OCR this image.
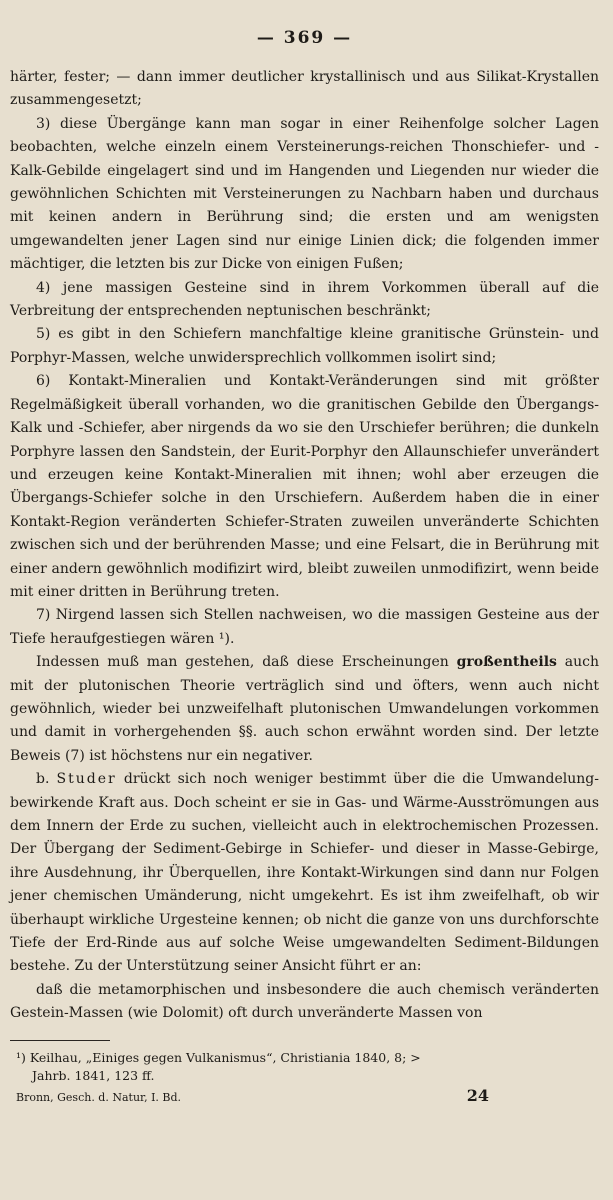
— 369 —

härter, fester; — dann immer deutlicher krystallinisch und aus Silikat-Krystallen zusammengesetzt;

3) diese Übergänge kann man sogar in einer Reihenfolge solcher Lagen beobachten, welche einzeln einem Versteinerungs-reichen Thonschiefer- und -Kalk-Gebilde eingelagert sind und im Hangenden und Liegenden nur wieder die gewöhnlichen Schichten mit Versteinerungen zu Nachbarn haben und durchaus mit keinen andern in Berührung sind; die ersten und am wenigsten umgewandelten jener Lagen sind nur einige Linien dick; die folgenden immer mächtiger, die letzten bis zur Dicke von einigen Fußen;

4) jene massigen Gesteine sind in ihrem Vorkommen überall auf die Verbreitung der entsprechenden neptunischen beschränkt;

5) es gibt in den Schiefern manchfaltige kleine granitische Grünstein- und Porphyr-Massen, welche unwidersprechlich vollkommen isolirt sind;

6) Kontakt-Mineralien und Kontakt-Veränderungen sind mit größter Regelmäßigkeit überall vorhanden, wo die granitischen Gebilde den Übergangs-Kalk und -Schiefer, aber nirgends da wo sie den Urschiefer berühren; die dunkeln Porphyre lassen den Sandstein, der Eurit-Porphyr den Allaunschiefer unverändert und erzeugen keine Kontakt-Mineralien mit ihnen; wohl aber erzeugen die Übergangs-Schiefer solche in den Urschiefern. Außerdem haben die in einer Kontakt-Region veränderten Schiefer-Straten zuweilen unveränderte Schichten zwischen sich und der berührenden Masse; und eine Felsart, die in Berührung mit einer andern gewöhnlich modifizirt wird, bleibt zuweilen unmodifizirt, wenn beide mit einer dritten in Berührung treten.

7) Nirgend lassen sich Stellen nachweisen, wo die massigen Gesteine aus der Tiefe heraufgestiegen wären ¹).

Indessen muß man gestehen, daß diese Erscheinungen großentheils auch mit der plutonischen Theorie verträglich sind und öfters, wenn auch nicht gewöhnlich, wieder bei unzweifelhaft plutonischen Umwandelungen vorkommen und damit in vorhergehenden §§. auch schon erwähnt worden sind. Der letzte Beweis (7) ist höchstens nur ein negativer.

b. Studer drückt sich noch weniger bestimmt über die die Umwandelung-bewirkende Kraft aus. Doch scheint er sie in Gas- und Wärme-Ausströmungen aus dem Innern der Erde zu suchen, vielleicht auch in elektrochemischen Prozessen. Der Übergang der Sediment-Gebirge in Schiefer- und dieser in Masse-Gebirge, ihre Ausdehnung, ihr Überquellen, ihre Kontakt-Wirkungen sind dann nur Folgen jener chemischen Umänderung, nicht umgekehrt. Es ist ihm zweifelhaft, ob wir überhaupt wirkliche Urgesteine kennen; ob nicht die ganze von uns durchforschte Tiefe der Erd-Rinde aus auf solche Weise umgewandelten Sediment-Bildungen bestehe. Zu der Unterstützung seiner Ansicht führt er an:

daß die metamorphischen und insbesondere die auch chemisch veränderten Gestein-Massen (wie Dolomit) oft durch unveränderte Massen von

¹) Keilhau, „Einiges gegen Vulkanismus“, Christiania 1840, 8; >
Jahrb. 1841, 123 ff.
Bronn, Gesch. d. Natur, I. Bd.	24
